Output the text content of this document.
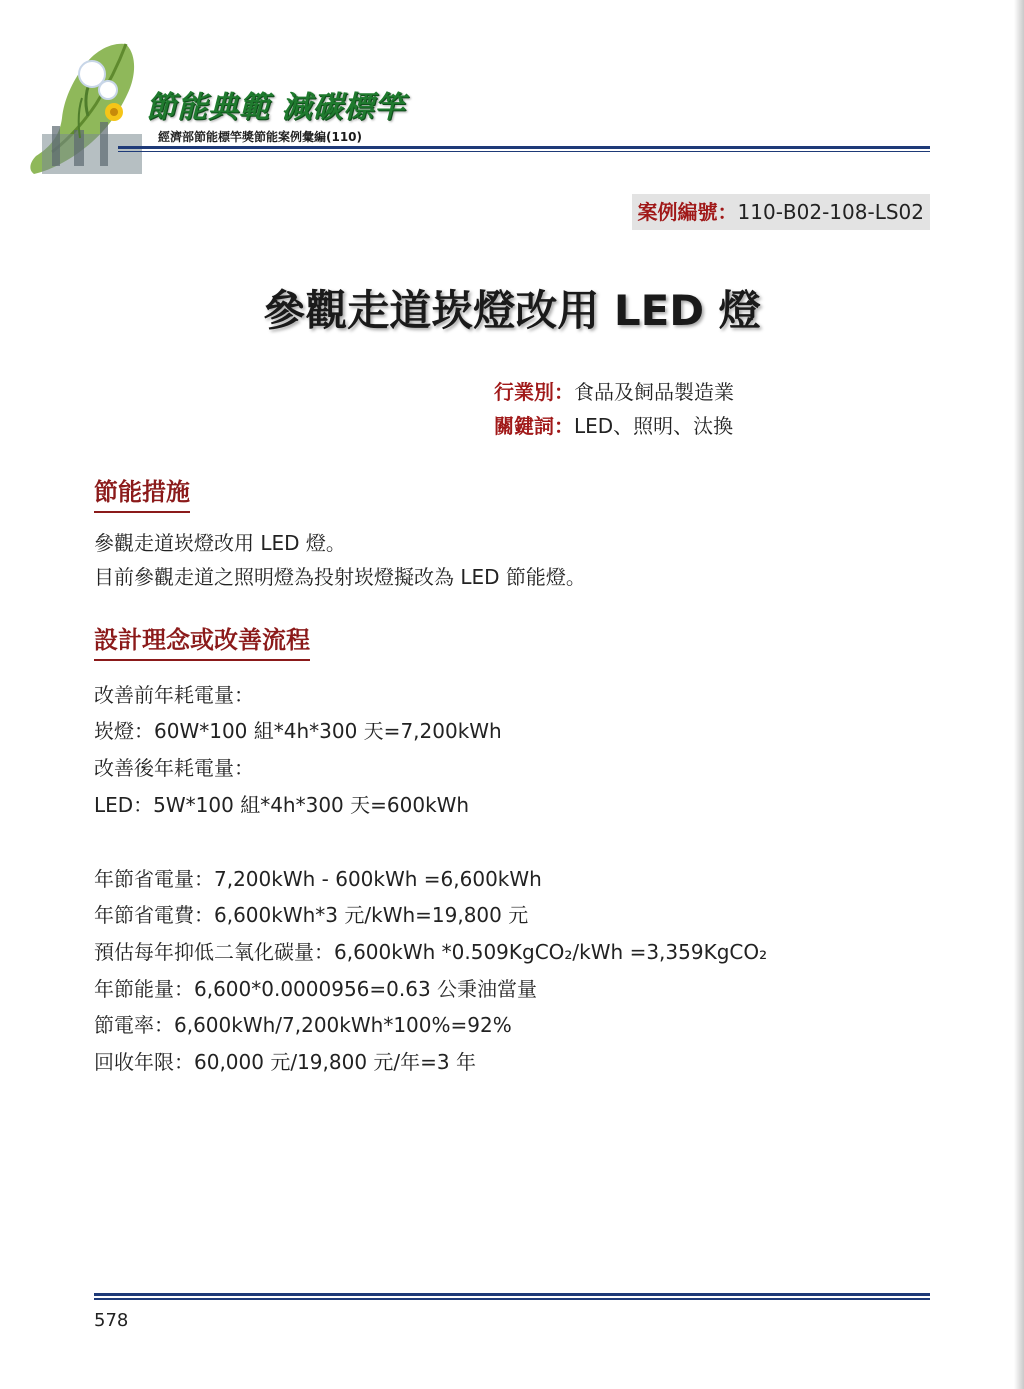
節能典範 減碳標竿
經濟部節能標竿獎節能案例彙編(110)
案例編號：110-B02-108-LS02
參觀走道崁燈改用 LED 燈
行業別：食品及飼品製造業
關鍵詞：LED、照明、汰換
節能措施
參觀走道崁燈改用 LED 燈。
目前參觀走道之照明燈為投射崁燈擬改為 LED 節能燈。
設計理念或改善流程
改善前年耗電量：
崁燈：60W*100 組*4h*300 天=7,200kWh
改善後年耗電量：
LED：5W*100 組*4h*300 天=600kWh
年節省電量：7,200kWh - 600kWh =6,600kWh
年節省電費：6,600kWh*3 元/kWh=19,800 元
預估每年抑低二氧化碳量：6,600kWh *0.509KgCO₂/kWh =3,359KgCO₂
年節能量：6,600*0.0000956=0.63 公秉油當量
節電率：6,600kWh/7,200kWh*100%=92%
回收年限：60,000 元/19,800 元/年=3 年
578
